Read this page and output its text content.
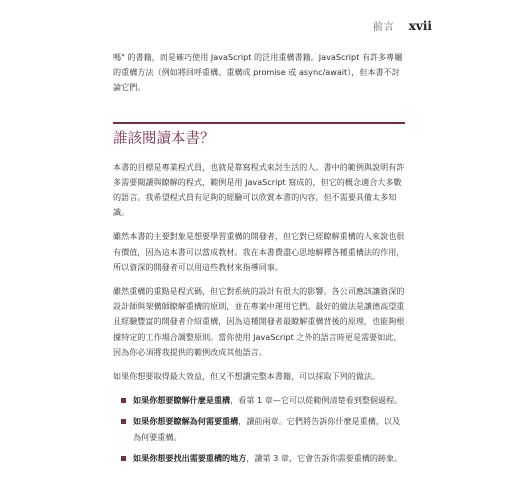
前言 xvii

嗎" 的書籍，而是確巧使用 JavaScript 的泛用重構書籍。JavaScript 有許多專屬的重構方法（例如將回呼重構、重構成 promise 或 async/await），但本書不討論它們。

誰該閱讀本書？

本書的目標是專業程式員，也就是靠寫程式來討生活的人。書中的範例與說明有許多需要閱讀與瞭解的程式，範例是用 JavaScript 寫成的，但它的概念適合大多數的語言。我希望程式員有足夠的經驗可以欣賞本書的內容，但不需要具備太多知識。

雖然本書的主要對象是想要學習重構的開發者，但它對已經瞭解重構的人來說也很有價值，因為這本書可以當成教材。我在本書費盡心思地解釋各種重構法的作用，所以資深的開發者可以用這些教材來指導同事。

雖然重構的重點是程式碼，但它對系統的設計有很大的影響。各公司應該讓資深的設計師與架構師瞭解重構的原則，並在專案中運用它們。最好的做法是讓德高望重且經驗豐富的開發者介紹重構，因為這種開發者最瞭解重構背後的原理，也能夠根據特定的工作場合調整原則。當你使用 JavaScript 之外的語言時更是需要如此，因為你必須將我提供的範例改成其他語言。

如果你想要取得最大效益，但又不想讀完整本書籍，可以採取下列的做法。

如果你想要瞭解什麼是重構，看第 1 章—它可以從範例清楚看到整個過程。

如果你想要瞭解為何需要重構，讀前兩章。它們將告訴你什麼是重構，以及為何要重構。

如果你想要找出需要重構的地方，讀第 3 章，它會告訴你需要重構的跡象。
